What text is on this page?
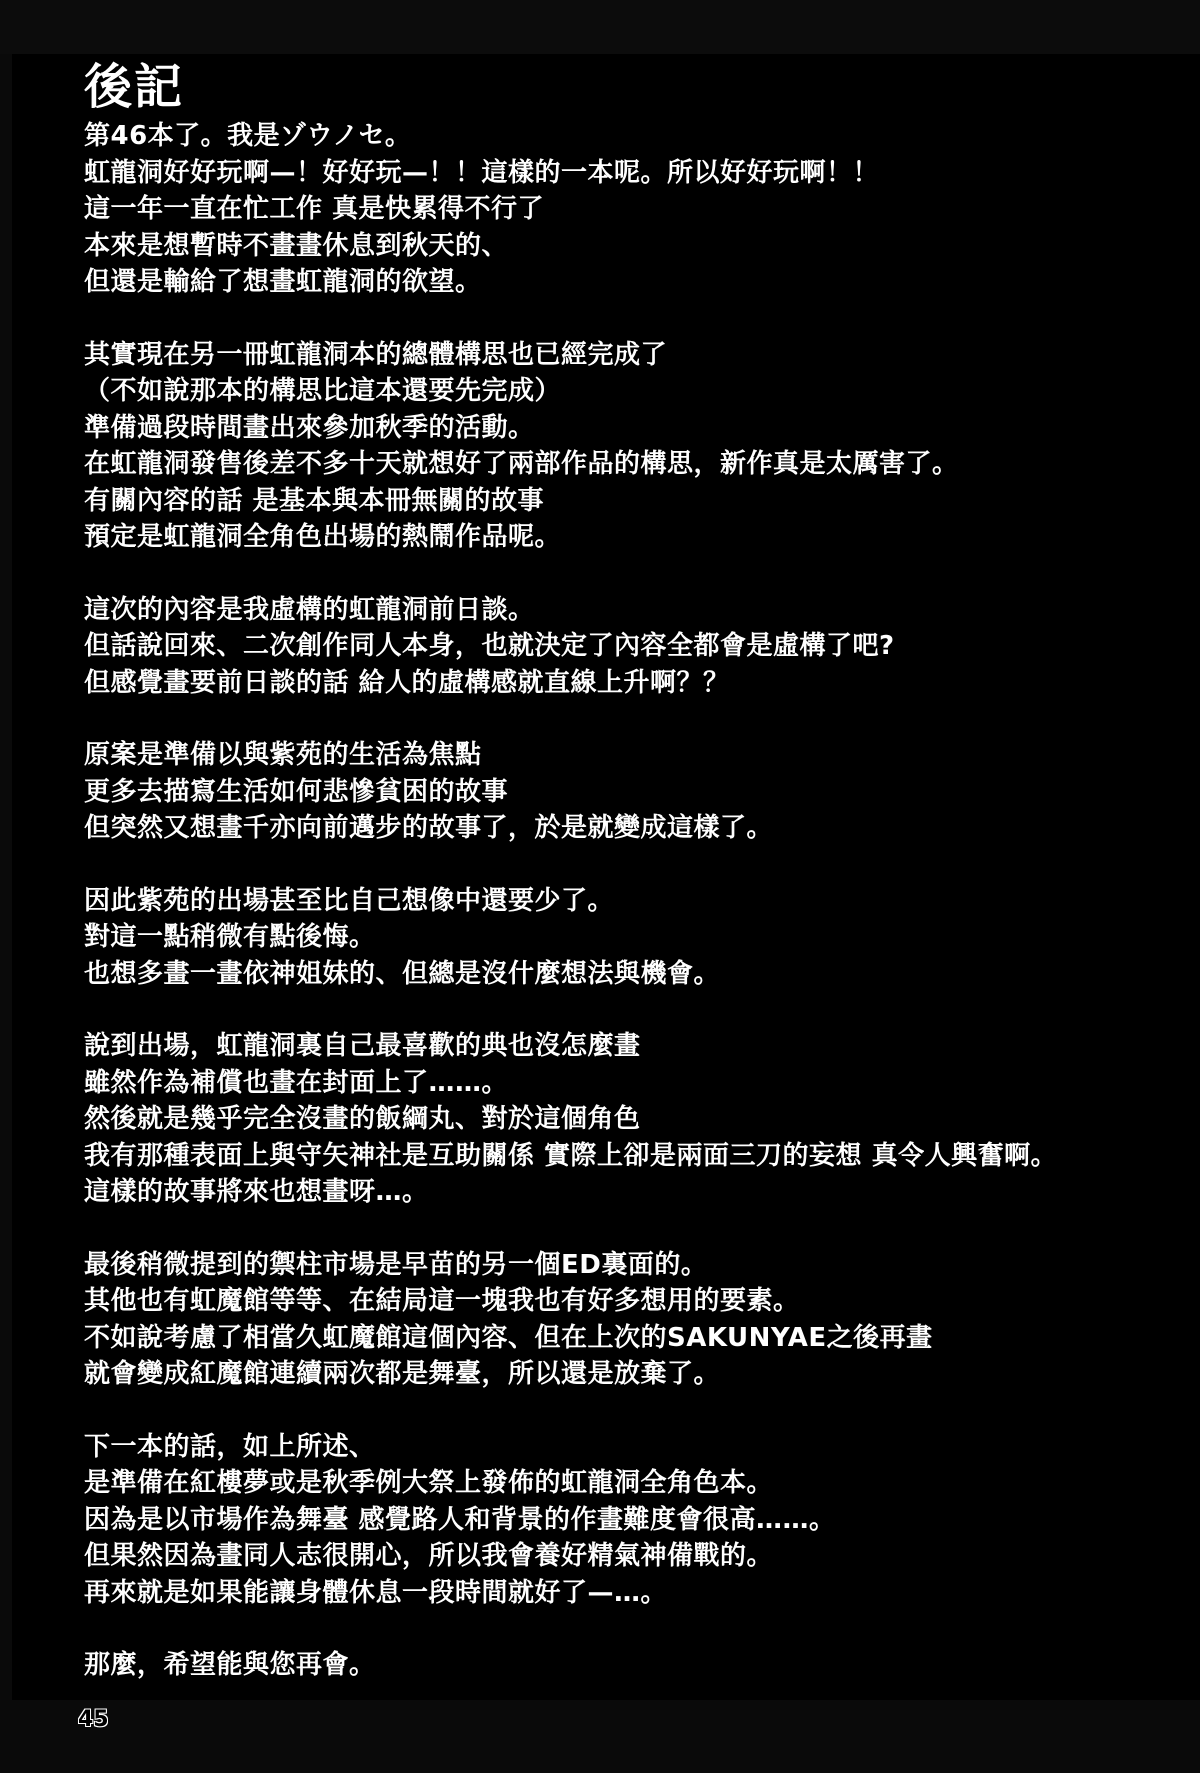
後記
第46本了。我是ゾウノセ。
虹龍洞好好玩啊—！好好玩—！！這樣的一本呢。所以好好玩啊！！
這一年一直在忙工作 真是快累得不行了
本來是想暫時不畫畫休息到秋天的、
但還是輸給了想畫虹龍洞的欲望。
其實現在另一冊虹龍洞本的總體構思也已經完成了
（不如說那本的構思比這本還要先完成）
準備過段時間畫出來參加秋季的活動。
在虹龍洞發售後差不多十天就想好了兩部作品的構思，新作真是太厲害了。
有關內容的話 是基本與本冊無關的故事
預定是虹龍洞全角色出場的熱鬧作品呢。
這次的內容是我虛構的虹龍洞前日談。
但話說回來、二次創作同人本身，也就決定了內容全都會是虛構了吧?
但感覺畫要前日談的話 給人的虛構感就直線上升啊？？
原案是準備以與紫苑的生活為焦點
更多去描寫生活如何悲慘貧困的故事
但突然又想畫千亦向前邁步的故事了，於是就變成這樣了。
因此紫苑的出場甚至比自己想像中還要少了。
對這一點稍微有點後悔。
也想多畫一畫依神姐妹的、但總是沒什麼想法與機會。
說到出場，虹龍洞裏自己最喜歡的典也沒怎麼畫
雖然作為補償也畫在封面上了……。
然後就是幾乎完全沒畫的飯綱丸、對於這個角色
我有那種表面上與守矢神社是互助關係 實際上卻是兩面三刀的妄想 真令人興奮啊。
這樣的故事將來也想畫呀…。
最後稍微提到的禦柱市場是早苗的另一個ED裏面的。
其他也有虹魔館等等、在結局這一塊我也有好多想用的要素。
不如說考慮了相當久虹魔館這個內容、但在上次的SAKUNYAE之後再畫
就會變成紅魔館連續兩次都是舞臺，所以還是放棄了。
下一本的話，如上所述、
是準備在紅樓夢或是秋季例大祭上發佈的虹龍洞全角色本。
因為是以市場作為舞臺 感覺路人和背景的作畫難度會很高……。
但果然因為畫同人志很開心，所以我會養好精氣神備戰的。
再來就是如果能讓身體休息一段時間就好了—…。
那麼，希望能與您再會。
45
